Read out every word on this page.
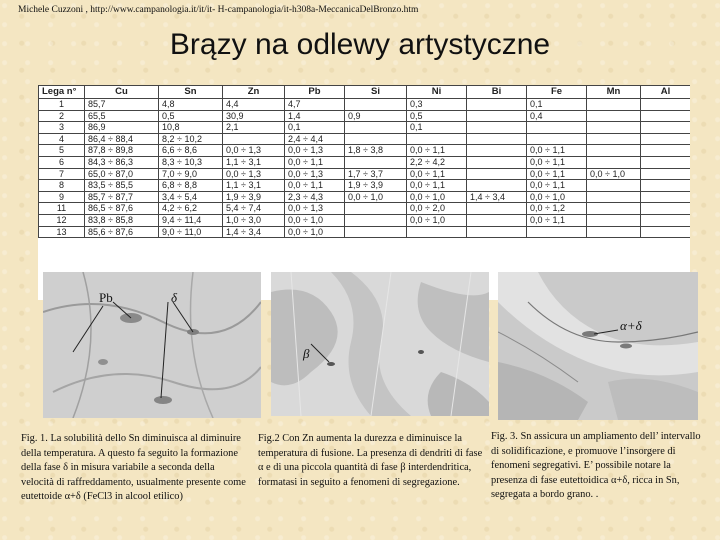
Michele Cuzzoni , http://www.campanologia.it/it/it- H-campanologia/it-h308a-MeccanicaDelBronzo.htm
Brązy na odlewy artystyczne
Lega n°	Cu	Sn	Zn	Pb	Si	Ni	Bi	Fe	Mn	Al
1	85,7	4,8	4,4	4,7		0,3		0,1		
2	65,5	0,5	30,9	1,4	0,9	0,5		0,4		
3	86,9	10,8	2,1	0,1		0,1				
4	86,4 ÷ 88,4	8,2 ÷ 10,2		2,4 ÷ 4,4						
5	87,8 ÷ 89,8	6,6 ÷ 8,6	0,0 ÷ 1,3	0,0 ÷ 1,3	1,8 ÷ 3,8	0,0 ÷ 1,1		0,0 ÷ 1,1		
6	84,3 ÷ 86,3	8,3 ÷ 10,3	1,1 ÷ 3,1	0,0 ÷ 1,1		2,2 ÷ 4,2		0,0 ÷ 1,1		
7	65,0 ÷ 87,0	7,0 ÷ 9,0	0,0 ÷ 1,3	0,0 ÷ 1,3	1,7 ÷ 3,7	0,0 ÷ 1,1		0,0 ÷ 1,1	0,0 ÷ 1,0	
8	83,5 ÷ 85,5	6,8 ÷ 8,8	1,1 ÷ 3,1	0,0 ÷ 1,1	1,9 ÷ 3,9	0,0 ÷ 1,1		0,0 ÷ 1,1		
9	85,7 ÷ 87,7	3,4 ÷ 5,4	1,9 ÷ 3,9	2,3 ÷ 4,3	0,0 ÷ 1,0	0,0 ÷ 1,0	1,4 ÷ 3,4	0,0 ÷ 1,0		
11	86,5 ÷ 87,6	4,2 ÷ 6,2	5,4 ÷ 7,4	0,0 ÷ 1,3		0,0 ÷ 2,0		0,0 ÷ 1,2		
12	83,8 ÷ 85,8	9,4 ÷ 11,4	1,0 ÷ 3,0	0,0 ÷ 1,0		0,0 ÷ 1,0		0,0 ÷ 1,1		
13	85,6 ÷ 87,6	9,0 ÷ 11,0	1,4 ÷ 3,4	0,0 ÷ 1,0						
Pb	δ
β
α+δ
Fig. 1. La solubilità dello Sn diminuisca al diminuire della temperatura. A questo fa seguito la formazione della fase δ in misura variabile a seconda della velocità di raffreddamento, usualmente presente come eutettoide α+δ (FeCl3 in alcool etilico)
Fig.2 Con Zn aumenta la durezza e diminuisce la temperatura di fusione. La presenza di dendriti di fase α e di una piccola quantità di fase β interdendritica, formatasi in seguito a fenomeni di segregazione.
Fig. 3. Sn assicura un ampliamento dell’ intervallo di solidificazione, e promuove l’insorgere di fenomeni segregativi. E’ possibile notare la presenza di fase eutettoidica α+δ, ricca in Sn, segregata a bordo grano. .
